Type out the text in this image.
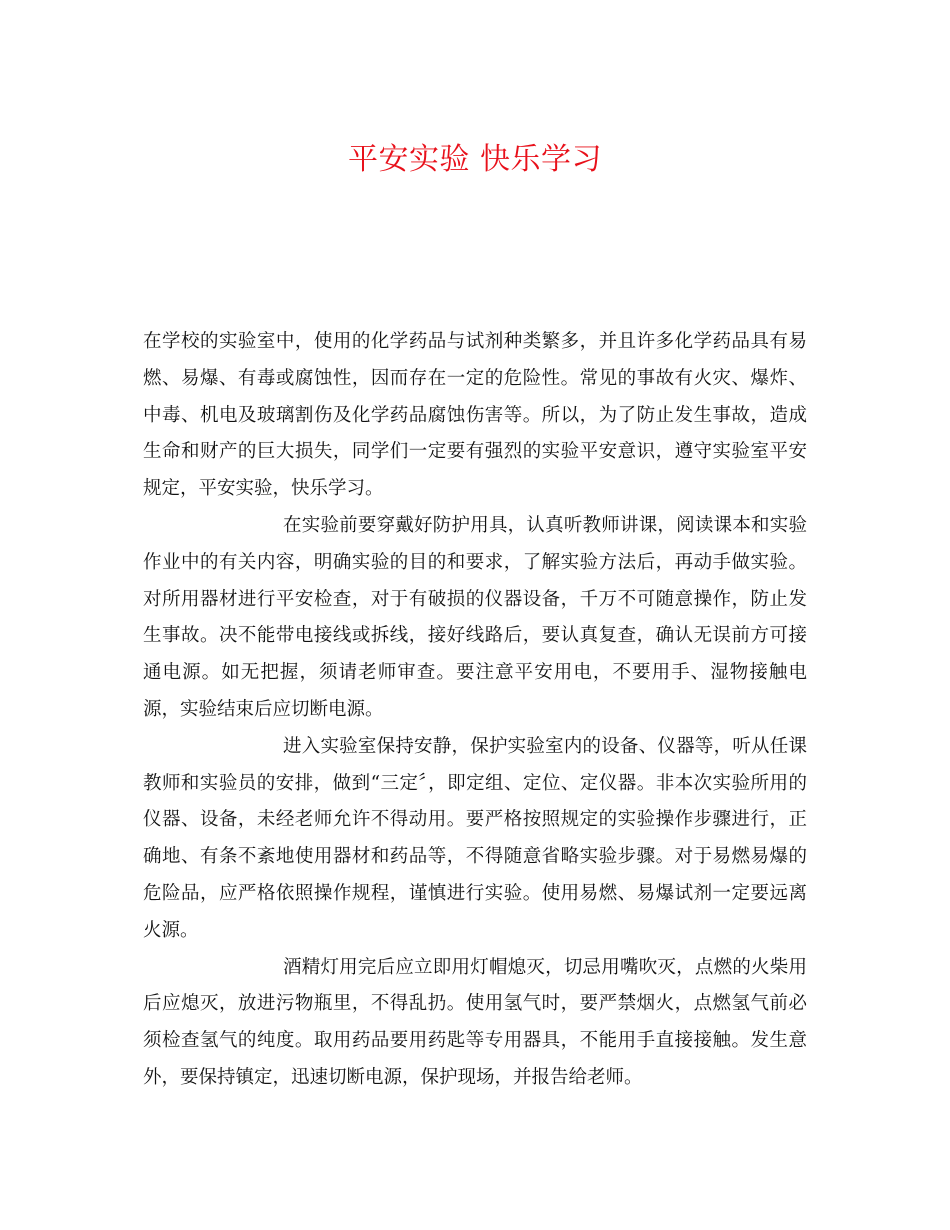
平安实验 快乐学习

在学校的实验室中，使用的化学药品与试剂种类繁多，并且许多化学药品具有易燃、易爆、有毒或腐蚀性，因而存在一定的危险性。常见的事故有火灾、爆炸、中毒、机电及玻璃割伤及化学药品腐蚀伤害等。所以，为了防止发生事故，造成生命和财产的巨大损失，同学们一定要有强烈的实验平安意识，遵守实验室平安规定，平安实验，快乐学习。

在实验前要穿戴好防护用具，认真听教师讲课，阅读课本和实验作业中的有关内容，明确实验的目的和要求，了解实验方法后，再动手做实验。对所用器材进行平安检查，对于有破损的仪器设备，千万不可随意操作，防止发生事故。决不能带电接线或拆线，接好线路后，要认真复查，确认无误前方可接通电源。如无把握，须请老师审查。要注意平安用电，不要用手、湿物接触电源，实验结束后应切断电源。

进入实验室保持安静，保护实验室内的设备、仪器等，听从任课教师和实验员的安排，做到“三定〞，即定组、定位、定仪器。非本次实验所用的仪器、设备，未经老师允许不得动用。要严格按照规定的实验操作步骤进行，正确地、有条不紊地使用器材和药品等，不得随意省略实验步骤。对于易燃易爆的危险品，应严格依照操作规程，谨慎进行实验。使用易燃、易爆试剂一定要远离火源。

酒精灯用完后应立即用灯帽熄灭，切忌用嘴吹灭，点燃的火柴用后应熄灭，放进污物瓶里，不得乱扔。使用氢气时，要严禁烟火，点燃氢气前必须检查氢气的纯度。取用药品要用药匙等专用器具，不能用手直接接触。发生意外，要保持镇定，迅速切断电源，保护现场，并报告给老师。
